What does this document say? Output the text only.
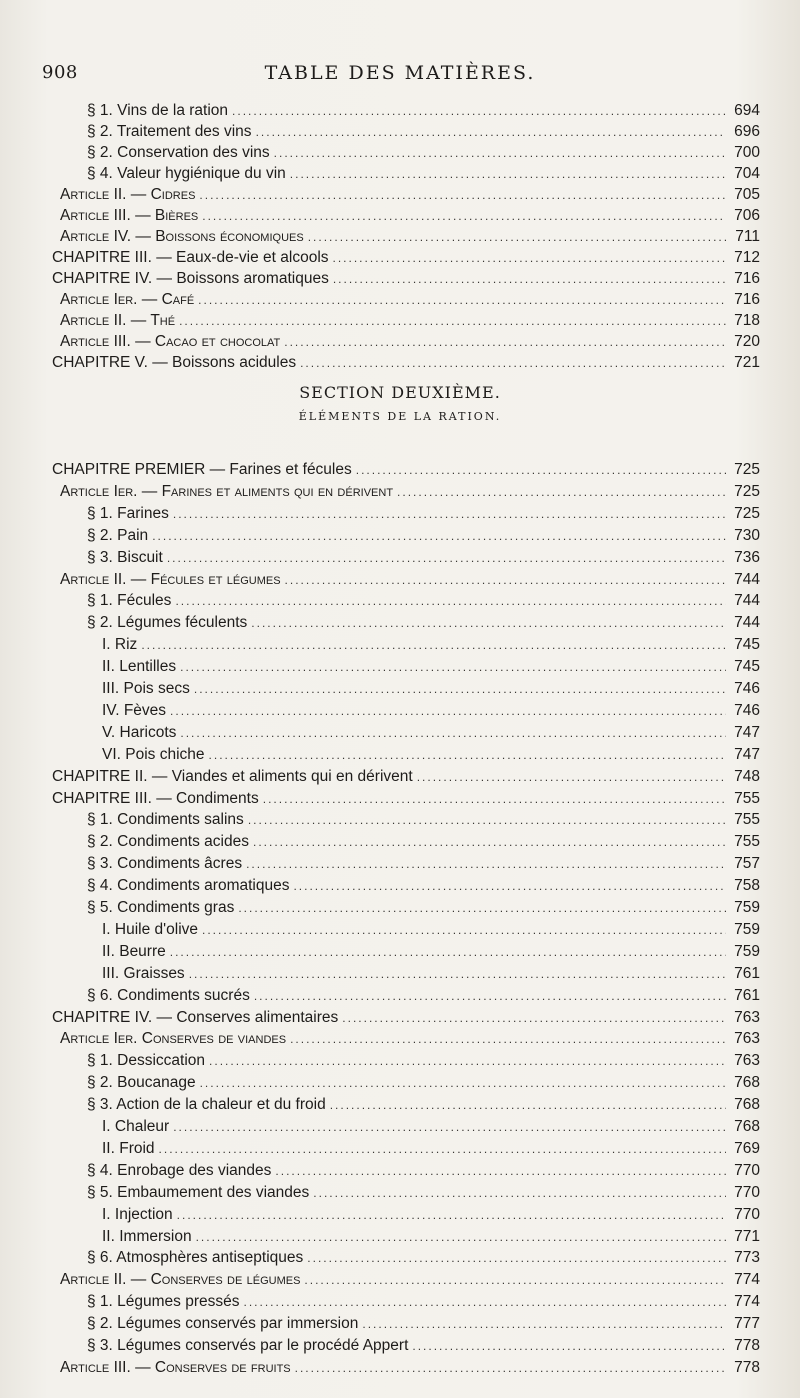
908	TABLE DES MATIÈRES.
§ 1. Vins de la ration .....	694
§ 2. Traitement des vins .....	696
§ 2. Conservation des vins .....	700
§ 4. Valeur hygiénique du vin .....	704
Article II. — Cidres .....	705
Article III. — Bières .....	706
Article IV. — Boissons économiques .....	711
CHAPITRE III. — Eaux-de-vie et alcools .....	712
CHAPITRE IV. — Boissons aromatiques .....	716
Article Ier. — Café .....	716
Article II. — Thé .....	718
Article III. — Cacao et chocolat .....	720
CHAPITRE V. — Boissons acidules .....	721
SECTION DEUXIÈME.
ÉLÉMENTS DE LA RATION.
CHAPITRE PREMIER — Farines et fécules .....	725
Article Ier. — Farines et aliments qui en dérivent .....	725
§ 1. Farines .....	725
§ 2. Pain .....	730
§ 3. Biscuit .....	736
Article II. — Fécules et légumes .....	744
§ 1. Fécules .....	744
§ 2. Légumes féculents .....	744
I. Riz .....	745
II. Lentilles .....	745
III. Pois secs .....	746
IV. Fèves .....	746
V. Haricots .....	747
VI. Pois chiche .....	747
CHAPITRE II. — Viandes et aliments qui en dérivent .....	748
CHAPITRE III. — Condiments .....	755
§ 1. Condiments salins .....	755
§ 2. Condiments acides .....	755
§ 3. Condiments âcres .....	757
§ 4. Condiments aromatiques .....	758
§ 5. Condiments gras .....	759
I. Huile d'olive .....	759
II. Beurre .....	759
III. Graisses .....	761
§ 6. Condiments sucrés .....	761
CHAPITRE IV. — Conserves alimentaires .....	763
Article Ier. Conserves de viandes .....	763
§ 1. Dessiccation .....	763
§ 2. Boucanage .....	768
§ 3. Action de la chaleur et du froid .....	768
I. Chaleur .....	768
II. Froid .....	769
§ 4. Enrobage des viandes .....	770
§ 5. Embaumement des viandes .....	770
I. Injection .....	770
II. Immersion .....	771
§ 6. Atmosphères antiseptiques .....	773
Article II. — Conserves de légumes .....	774
§ 1. Légumes pressés .....	774
§ 2. Légumes conservés par immersion .....	777
§ 3. Légumes conservés par le procédé Appert .....	778
Article III. — Conserves de fruits .....	778
